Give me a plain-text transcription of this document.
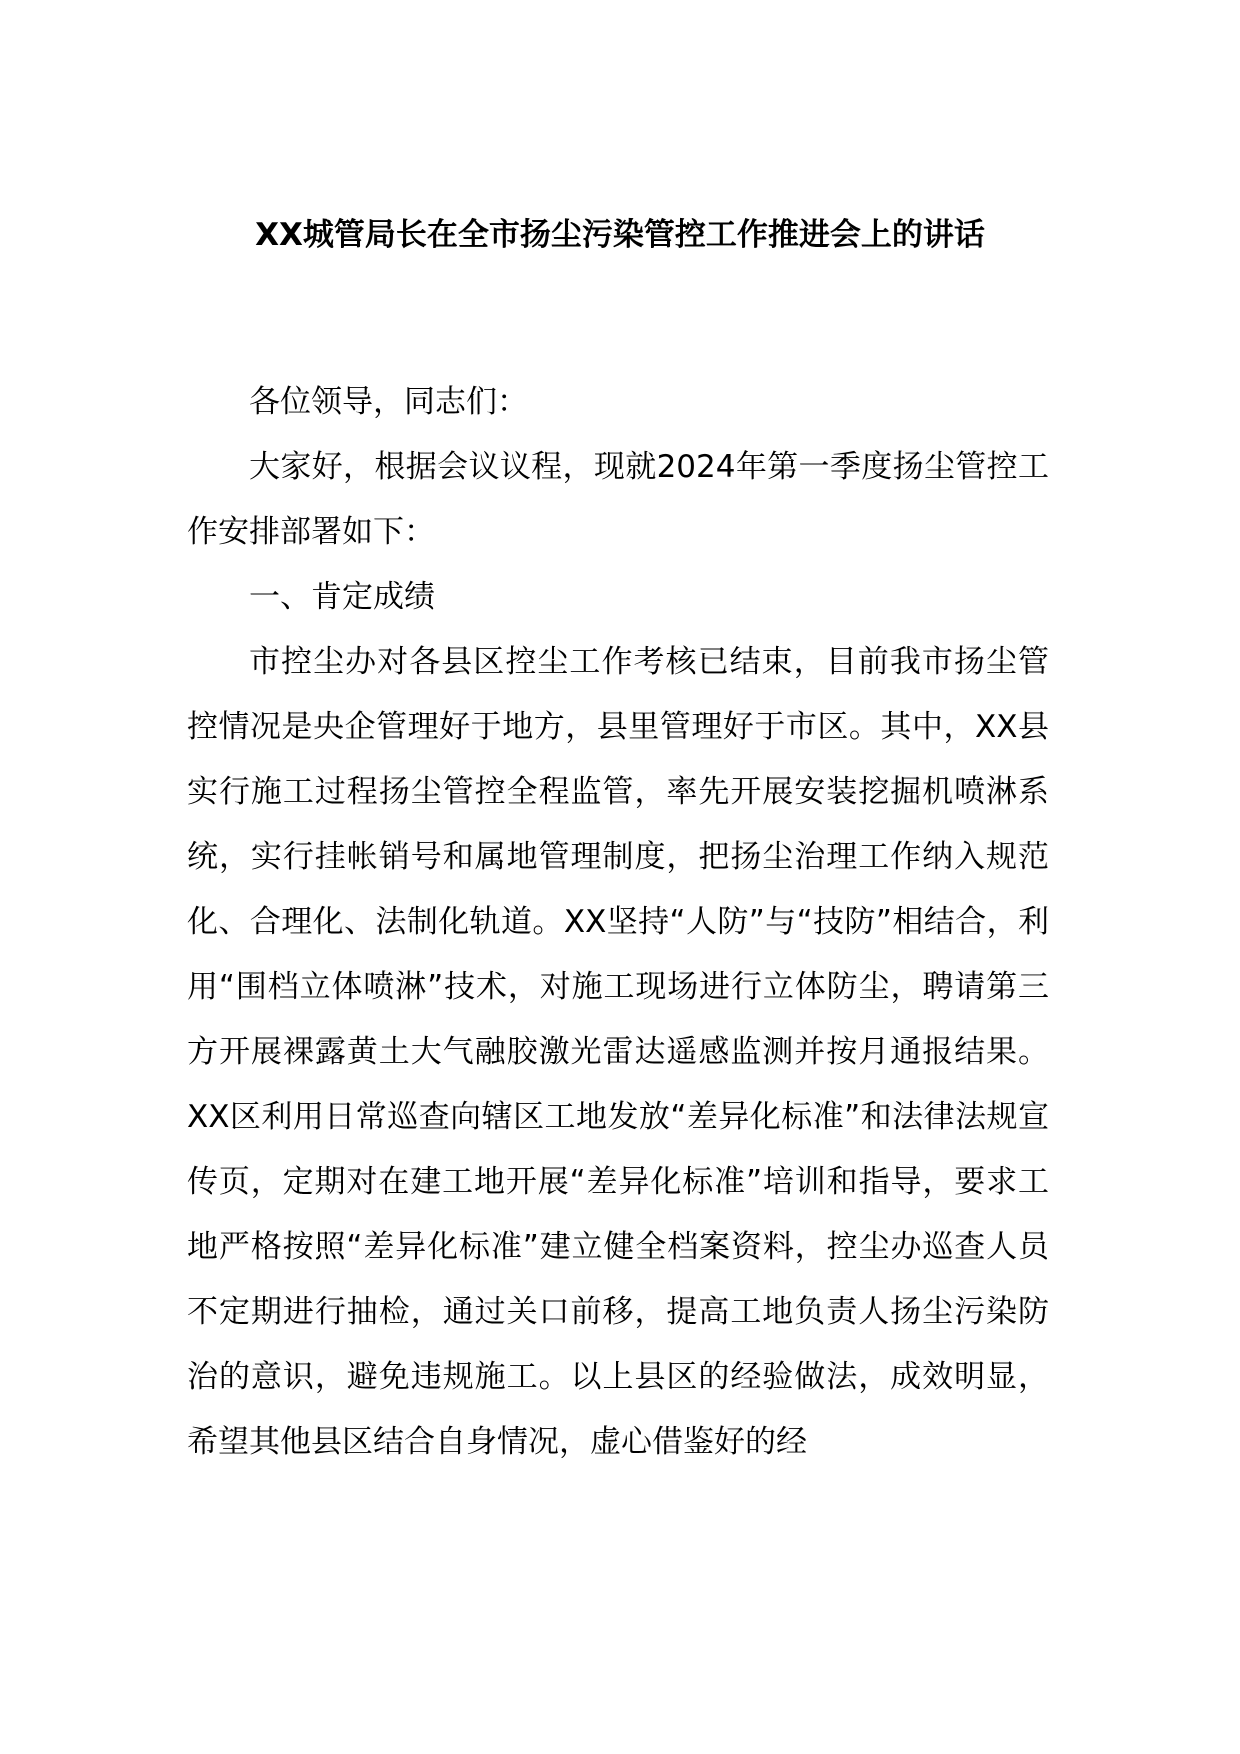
XX城管局长在全市扬尘污染管控工作推进会上的讲话

各位领导，同志们：

大家好，根据会议议程，现就2024年第一季度扬尘管控工作安排部署如下：

一、肯定成绩

市控尘办对各县区控尘工作考核已结束，目前我市扬尘管控情况是央企管理好于地方，县里管理好于市区。其中，XX县实行施工过程扬尘管控全程监管，率先开展安装挖掘机喷淋系统，实行挂帐销号和属地管理制度，把扬尘治理工作纳入规范化、合理化、法制化轨道。XX坚持“人防”与“技防”相结合，利用“围档立体喷淋”技术，对施工现场进行立体防尘，聘请第三方开展裸露黄土大气融胶激光雷达遥感监测并按月通报结果。XX区利用日常巡查向辖区工地发放“差异化标准”和法律法规宣传页，定期对在建工地开展“差异化标准”培训和指导，要求工地严格按照“差异化标准”建立健全档案资料，控尘办巡查人员不定期进行抽检，通过关口前移，提高工地负责人扬尘污染防治的意识，避免违规施工。以上县区的经验做法，成效明显，希望其他县区结合自身情况，虚心借鉴好的经
